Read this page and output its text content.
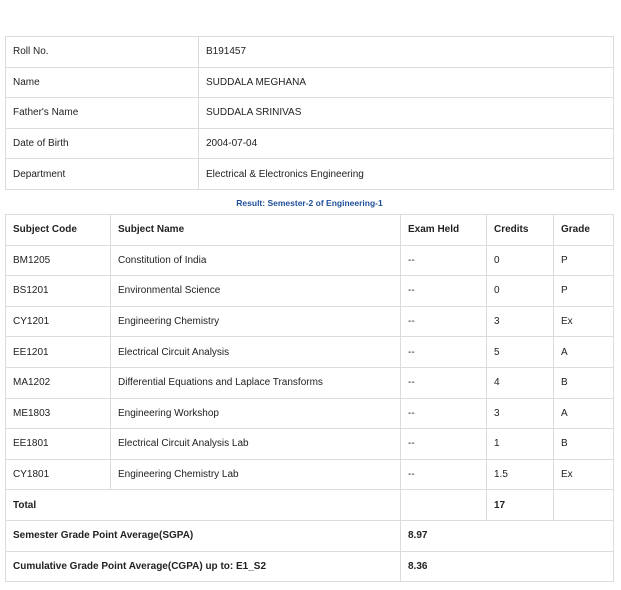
Roll No.	B191457
Name	SUDDALA MEGHANA
Father's Name	SUDDALA SRINIVAS
Date of Birth	2004-07-04
Department	Electrical & Electronics Engineering
Result: Semester-2 of Engineering-1
Subject Code	Subject Name	Exam Held	Credits	Grade
BM1205	Constitution of India	--	0	P
BS1201	Environmental Science	--	0	P
CY1201	Engineering Chemistry	--	3	Ex
EE1201	Electrical Circuit Analysis	--	5	A
MA1202	Differential Equations and Laplace Transforms	--	4	B
ME1803	Engineering Workshop	--	3	A
EE1801	Electrical Circuit Analysis Lab	--	1	B
CY1801	Engineering Chemistry Lab	--	1.5	Ex
Total			17	
Semester Grade Point Average(SGPA)		8.97		
Cumulative Grade Point Average(CGPA) up to: E1_S2		8.36		
